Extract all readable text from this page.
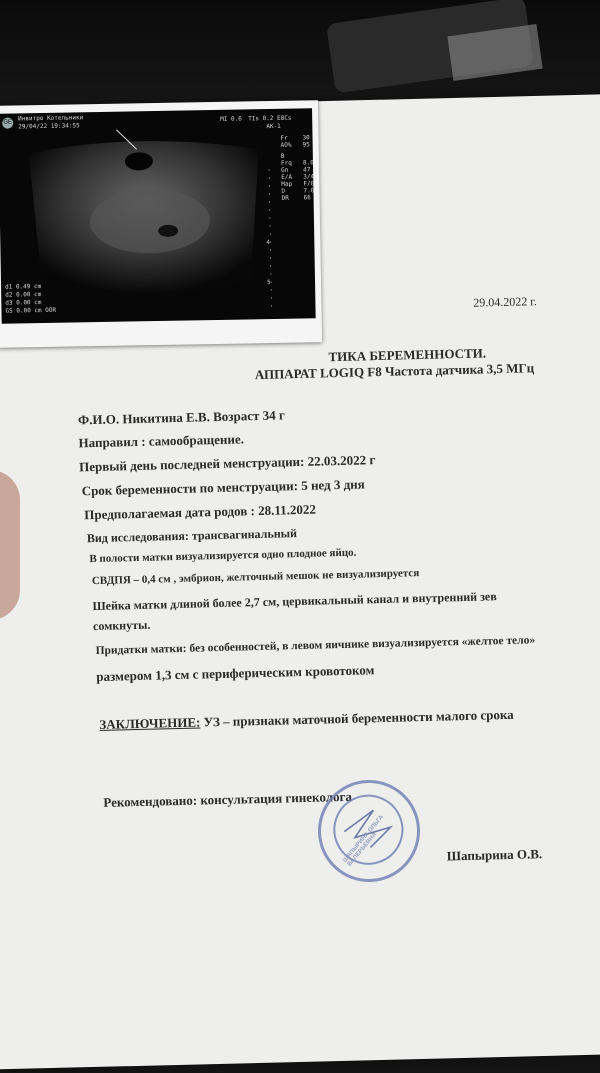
29.04.2022 г.
ТИКА БЕРЕМЕННОСТИ.
АППАРАТ LOGIQ F8 Частота датчика 3,5 МГц
Ф.И.О. Никитина Е.В. Возраст 34 г
Направил : самообращение.
Первый день последней менструации: 22.03.2022 г
Срок беременности по менструации: 5 нед 3 дня
Предполагаемая дата родов : 28.11.2022
Вид исследования: трансвагинальный
В полости матки визуализируется одно плодное яйцо.
СВДПЯ – 0,4 см , эмбрион, желточный мешок не визуализируется
Шейка матки длиной более 2,7 см, цервикальный канал и внутренний зев
сомкнуты.
Придатки матки: без особенностей, в левом яичнике визуализируется «желтое тело»
размером 1,3 см с периферическим кровотоком
ЗАКЛЮЧЕНИЕ: УЗ – признаки маточной беременности малого срока
Рекомендовано: консультация гинеколога
Шапырина О.В.
ШАПЫРИНА ОЛЬГА ВАЛЕРЬЕВНА
GE
Инвитро Котельники
29/04/22 19:34:55
MI 0.6 TIs 0.2 E8Cs
AK-1
Fr
AO%
30
95
B
Frq
Gn
E/A
Map
D
DR
8.0
47
3/4
F/0
7.0
66
4
5
d1 0.49 cm
d2 0.00 cm
d3 0.00 cm
GS 0.00 cm OOR
